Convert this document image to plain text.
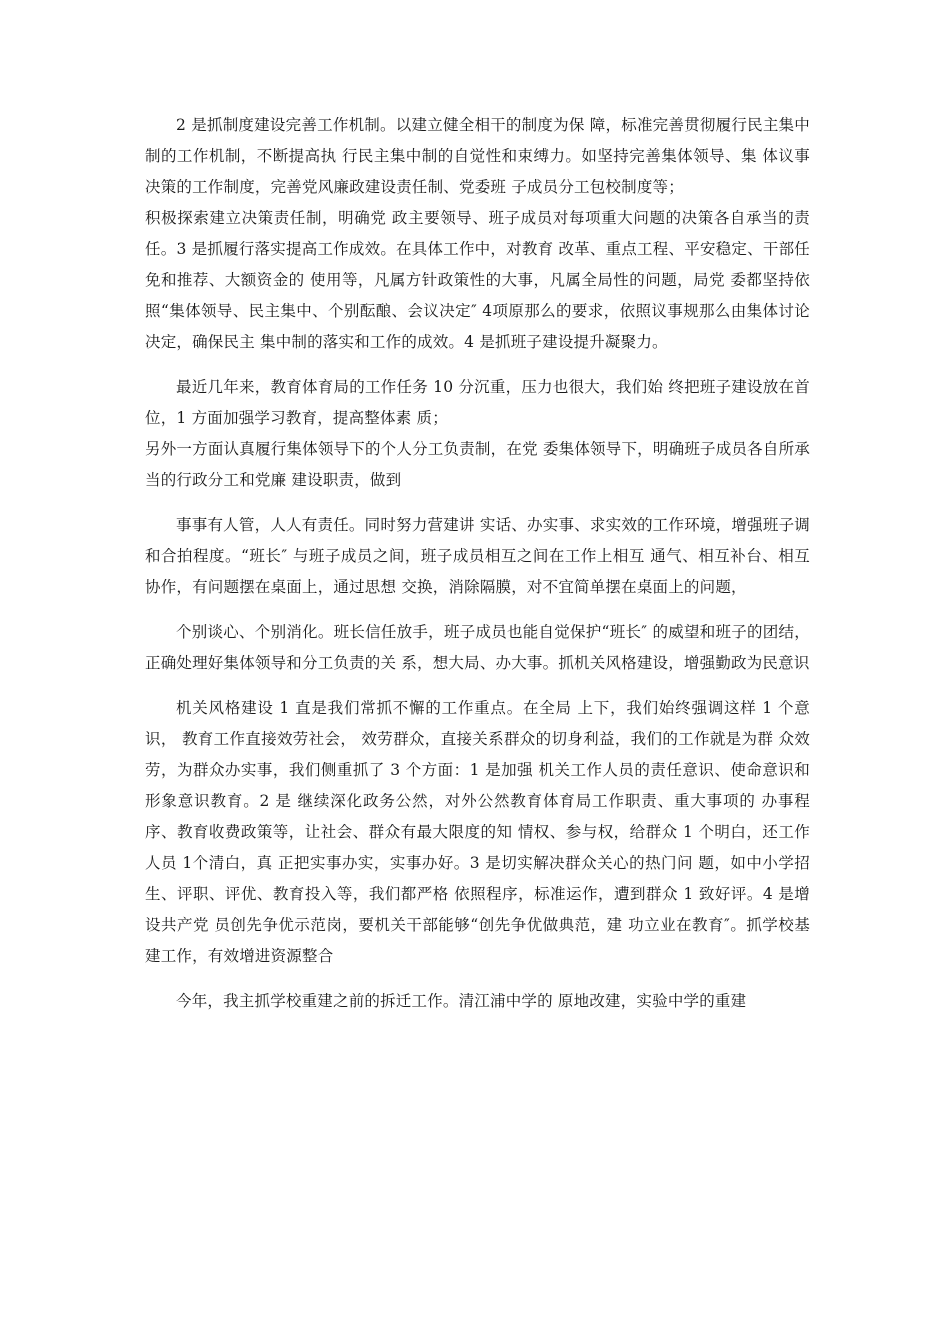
2 是抓制度建设完善工作机制。以建立健全相干的制度为保 障，标准完善贯彻履行民主集中制的工作机制，不断提高执 行民主集中制的自觉性和束缚力。如坚持完善集体领导、集 体议事决策的工作制度，完善党风廉政建设责任制、党委班 子成员分工包校制度等；

积极探索建立决策责任制，明确党 政主要领导、班子成员对每项重大问题的决策各自承当的责 任。3 是抓履行落实提高工作成效。在具体工作中，对教育 改革、重点工程、平安稳定、干部任免和推荐、大额资金的 使用等，凡属方针政策性的大事，凡属全局性的问题，局党 委都坚持依照“集体领导、民主集中、个别酝酿、会议决定″ 4项原那么的要求，依照议事规那么由集体讨论决定，确保民主 集中制的落实和工作的成效。4 是抓班子建设提升凝聚力。

最近几年来，教育体育局的工作任务 10 分沉重，压力也很大，我们始 终把班子建设放在首位，1 方面加强学习教育，提高整体素 质；

另外一方面认真履行集体领导下的个人分工负责制，在党 委集体领导下，明确班子成员各自所承当的行政分工和党廉 建设职责，做到

事事有人管，人人有责任。同时努力营建讲 实话、办实事、求实效的工作环境，增强班子调和合拍程度。“班长″ 与班子成员之间，班子成员相互之间在工作上相互 通气、相互补台、相互协作，有问题摆在桌面上，通过思想 交换，消除隔膜，对不宜简单摆在桌面上的问题，

个别谈心、个别消化。班长信任放手，班子成员也能自觉保护“班长″ 的威望和班子的团结，正确处理好集体领导和分工负责的关 系，想大局、办大事。抓机关风格建设，增强勤政为民意识

机关风格建设 1 直是我们常抓不懈的工作重点。在全局 上下，我们始终强调这样 1 个意识， 教育工作直接效劳社会， 效劳群众，直接关系群众的切身利益，我们的工作就是为群 众效劳，为群众办实事，我们侧重抓了 3 个方面：1 是加强 机关工作人员的责任意识、使命意识和形象意识教育。2 是 继续深化政务公然，对外公然教育体育局工作职责、重大事项的 办事程序、教育收费政策等，让社会、群众有最大限度的知 情权、参与权，给群众 1 个明白，还工作人员 1个清白，真 正把实事办实，实事办好。3 是切实解决群众关心的热门问 题，如中小学招生、评职、评优、教育投入等，我们都严格 依照程序，标准运作，遭到群众 1 致好评。4 是增设共产党 员创先争优示范岗，要机关干部能够“创先争优做典范，建 功立业在教育″。抓学校基建工作，有效增进资源整合

今年，我主抓学校重建之前的拆迁工作。清江浦中学的 原地改建，实验中学的重建
